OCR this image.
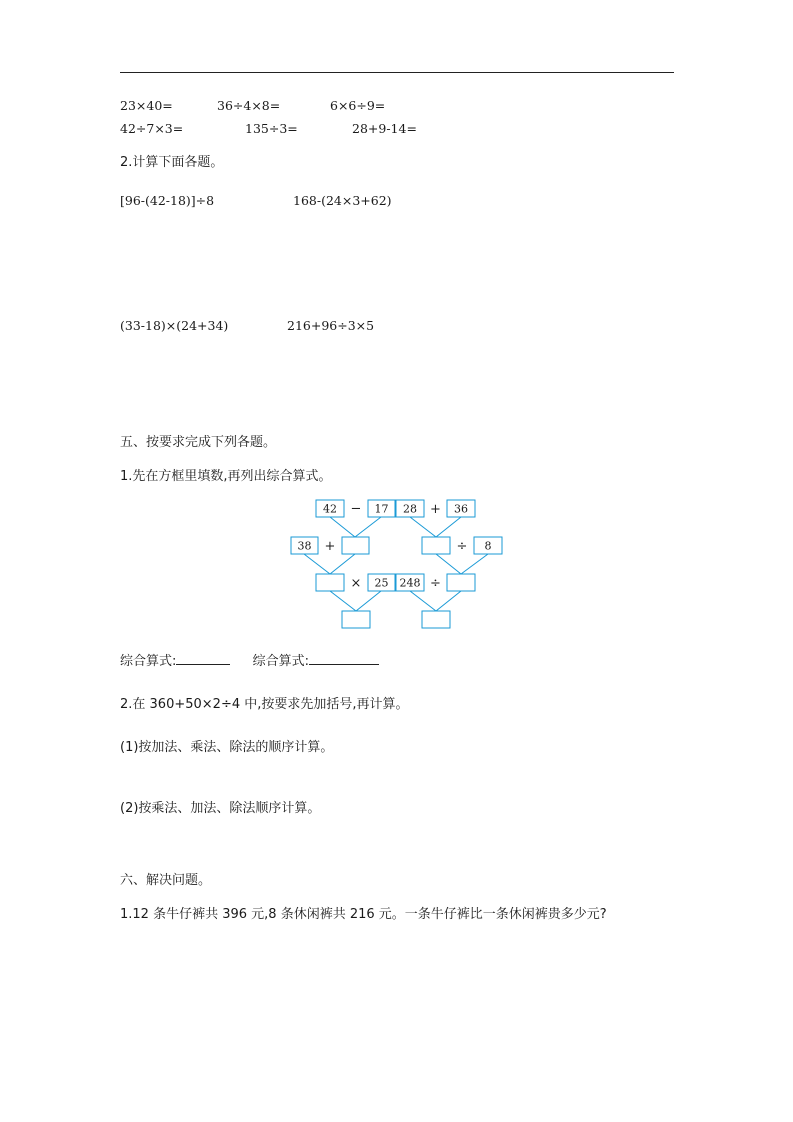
23×40=	36÷4×8=	6×6÷9=
42÷7×3=	135÷3=	28+9-14=
2.计算下面各题。
[96-(42-18)]÷8	168-(24×3+62)
(33-18)×(24+34)	216+96÷3×5
五、按要求完成下列各题。
1.先在方框里填数,再列出综合算式。
42 − 17
38 +
× 25
28 + 36
÷ 8
248 ÷
综合算式:	综合算式:
2.在 360+50×2÷4 中,按要求先加括号,再计算。
(1)按加法、乘法、除法的顺序计算。
(2)按乘法、加法、除法顺序计算。
六、解决问题。
1.12 条牛仔裤共 396 元,8 条休闲裤共 216 元。一条牛仔裤比一条休闲裤贵多少元?
